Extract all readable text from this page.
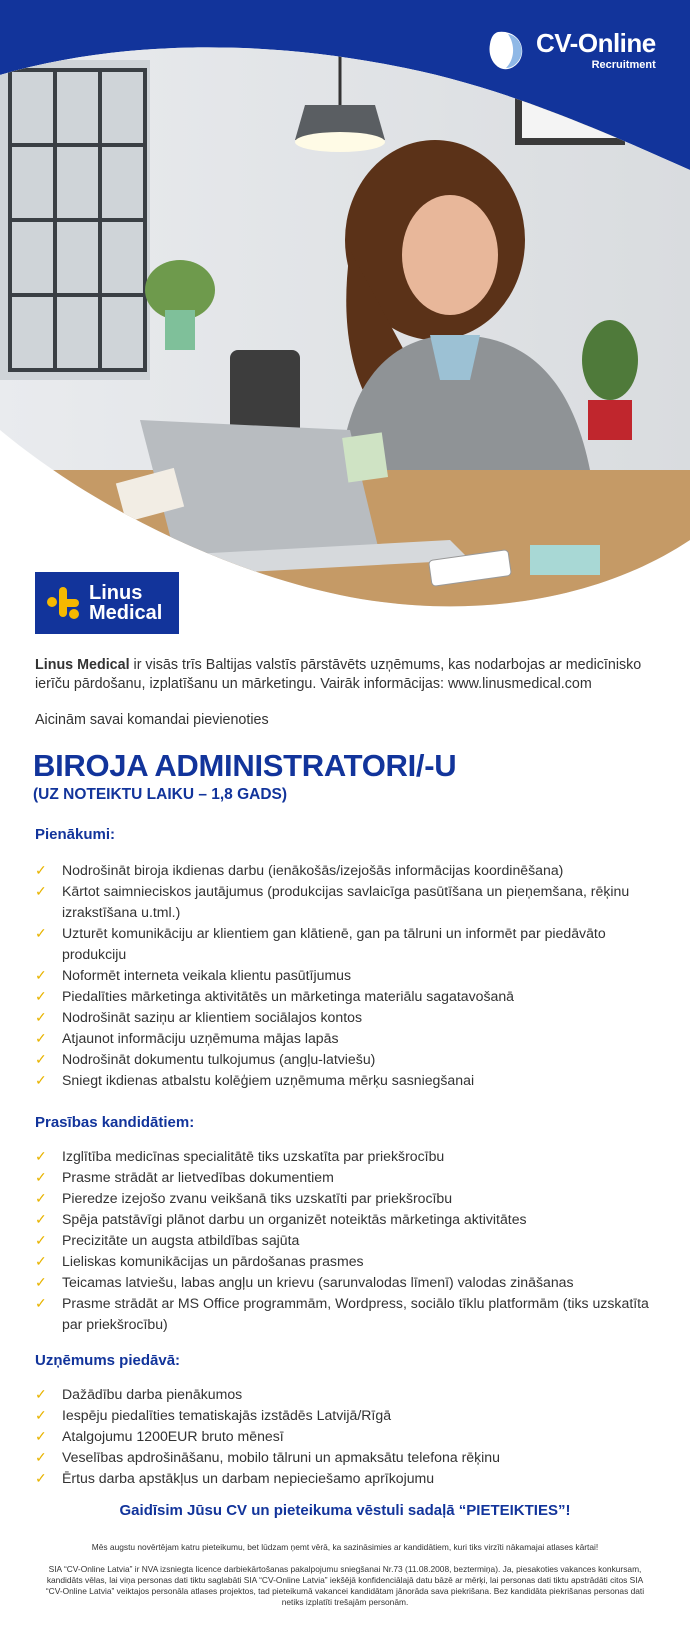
CV-Online
Recruitment
Linus
Medical
Linus Medical ir visās trīs Baltijas valstīs pārstāvēts uzņēmums, kas nodarbojas ar medicīnisko ierīču pārdošanu, izplatīšanu un mārketingu. Vairāk informācijas: www.linusmedical.com
Aicinām savai komandai pievienoties
BIROJA ADMINISTRATORI/-U
(UZ NOTEIKTU LAIKU – 1,8 GADS)
Pienākumi:
✓ Nodrošināt biroja ikdienas darbu (ienākošās/izejošās informācijas koordinēšana)
✓ Kārtot saimnieciskos jautājumus (produkcijas savlaicīga pasūtīšana un pieņemšana, rēķinu izrakstīšana u.tml.)
✓ Uzturēt komunikāciju ar klientiem gan klātienē, gan pa tālruni un informēt par piedāvāto produkciju
✓ Noformēt interneta veikala klientu pasūtījumus
✓ Piedalīties mārketinga aktivitātēs un mārketinga materiālu sagatavošanā
✓ Nodrošināt saziņu ar klientiem sociālajos kontos
✓ Atjaunot informāciju uzņēmuma mājas lapās
✓ Nodrošināt dokumentu tulkojumus (angļu-latviešu)
✓ Sniegt ikdienas atbalstu kolēģiem uzņēmuma mērķu sasniegšanai
Prasības kandidātiem:
✓ Izglītība medicīnas specialitātē tiks uzskatīta par priekšrocību
✓ Prasme strādāt ar lietvedības dokumentiem
✓ Pieredze izejošo zvanu veikšanā tiks uzskatīti par priekšrocību
✓ Spēja patstāvīgi plānot darbu un organizēt noteiktās mārketinga aktivitātes
✓ Precizitāte un augsta atbildības sajūta
✓ Lieliskas komunikācijas un pārdošanas prasmes
✓ Teicamas latviešu, labas angļu un krievu (sarunvalodas līmenī) valodas zināšanas
✓ Prasme strādāt ar MS Office programmām, Wordpress, sociālo tīklu platformām (tiks uzskatīta par priekšrocību)
Uzņēmums piedāvā:
✓ Dažādību darba pienākumos
✓ Iespēju piedalīties tematiskajās izstādēs Latvijā/Rīgā
✓ Atalgojumu 1200EUR bruto mēnesī
✓ Veselības apdrošināšanu, mobilo tālruni un apmaksātu telefona rēķinu
✓ Ērtus darba apstākļus un darbam nepieciešamo aprīkojumu
Gaidīsim Jūsu CV un pieteikuma vēstuli sadaļā “PIETEIKTIES”!
Mēs augstu novērtējam katru pieteikumu, bet lūdzam ņemt vērā, ka sazināsimies ar kandidātiem, kuri tiks virzīti nākamajai atlases kārtai!
SIA “CV-Online Latvia” ir NVA izsniegta licence darbiekārtošanas pakalpojumu sniegšanai Nr.73 (11.08.2008, beztermiņa). Ja, piesakoties vakances konkursam, kandidāts vēlas, lai viņa personas dati tiktu saglabāti SIA “CV-Online Latvia” iekšējā konfidenciālajā datu bāzē ar mērķi, lai personas dati tiktu apstrādāti citos SIA “CV-Online Latvia” veiktajos personāla atlases projektos, tad pieteikumā vakancei kandidātam jānorāda sava piekrišana. Bez kandidāta piekrišanas personas dati netiks izplatīti trešajām personām.
